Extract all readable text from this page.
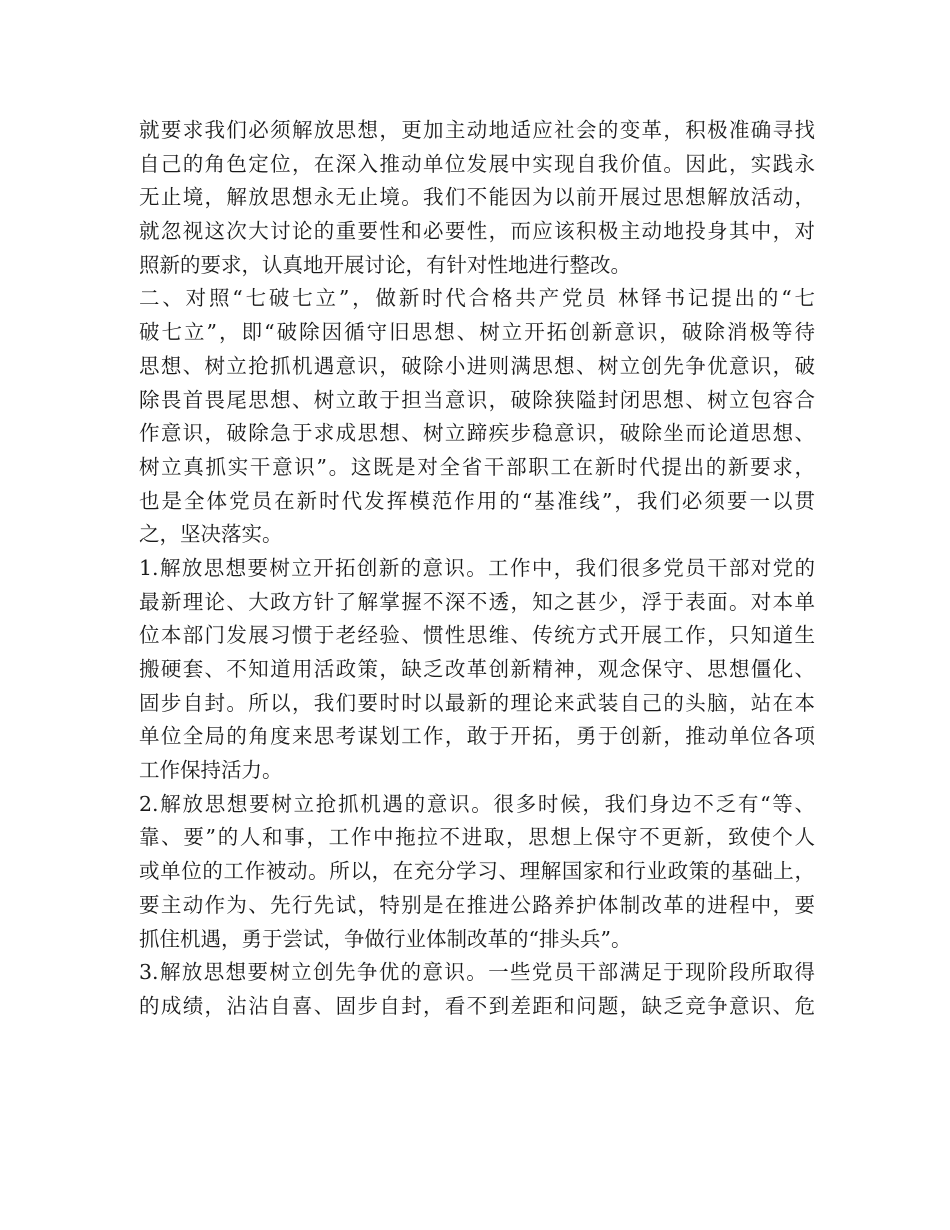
就要求我们必须解放思想，更加主动地适应社会的变革，积极准确寻找
自己的角色定位，在深入推动单位发展中实现自我价值。因此，实践永
无止境，解放思想永无止境。我们不能因为以前开展过思想解放活动，
就忽视这次大讨论的重要性和必要性，而应该积极主动地投身其中，对
照新的要求，认真地开展讨论，有针对性地进行整改。
二、对照“七破七立”，做新时代合格共产党员 林铎书记提出的“七
破七立”，即“破除因循守旧思想、树立开拓创新意识，破除消极等待
思想、树立抢抓机遇意识，破除小进则满思想、树立创先争优意识，破
除畏首畏尾思想、树立敢于担当意识，破除狭隘封闭思想、树立包容合
作意识，破除急于求成思想、树立蹄疾步稳意识，破除坐而论道思想、
树立真抓实干意识”。这既是对全省干部职工在新时代提出的新要求，
也是全体党员在新时代发挥模范作用的“基准线”，我们必须要一以贯
之，坚决落实。
1.解放思想要树立开拓创新的意识。工作中，我们很多党员干部对党的
最新理论、大政方针了解掌握不深不透，知之甚少，浮于表面。对本单
位本部门发展习惯于老经验、惯性思维、传统方式开展工作，只知道生
搬硬套、不知道用活政策，缺乏改革创新精神，观念保守、思想僵化、
固步自封。所以，我们要时时以最新的理论来武装自己的头脑，站在本
单位全局的角度来思考谋划工作，敢于开拓，勇于创新，推动单位各项
工作保持活力。
2.解放思想要树立抢抓机遇的意识。很多时候，我们身边不乏有“等、
靠、要”的人和事，工作中拖拉不进取，思想上保守不更新，致使个人
或单位的工作被动。所以，在充分学习、理解国家和行业政策的基础上，
要主动作为、先行先试，特别是在推进公路养护体制改革的进程中，要
抓住机遇，勇于尝试，争做行业体制改革的“排头兵”。
3.解放思想要树立创先争优的意识。一些党员干部满足于现阶段所取得
的成绩，沾沾自喜、固步自封，看不到差距和问题，缺乏竞争意识、危
